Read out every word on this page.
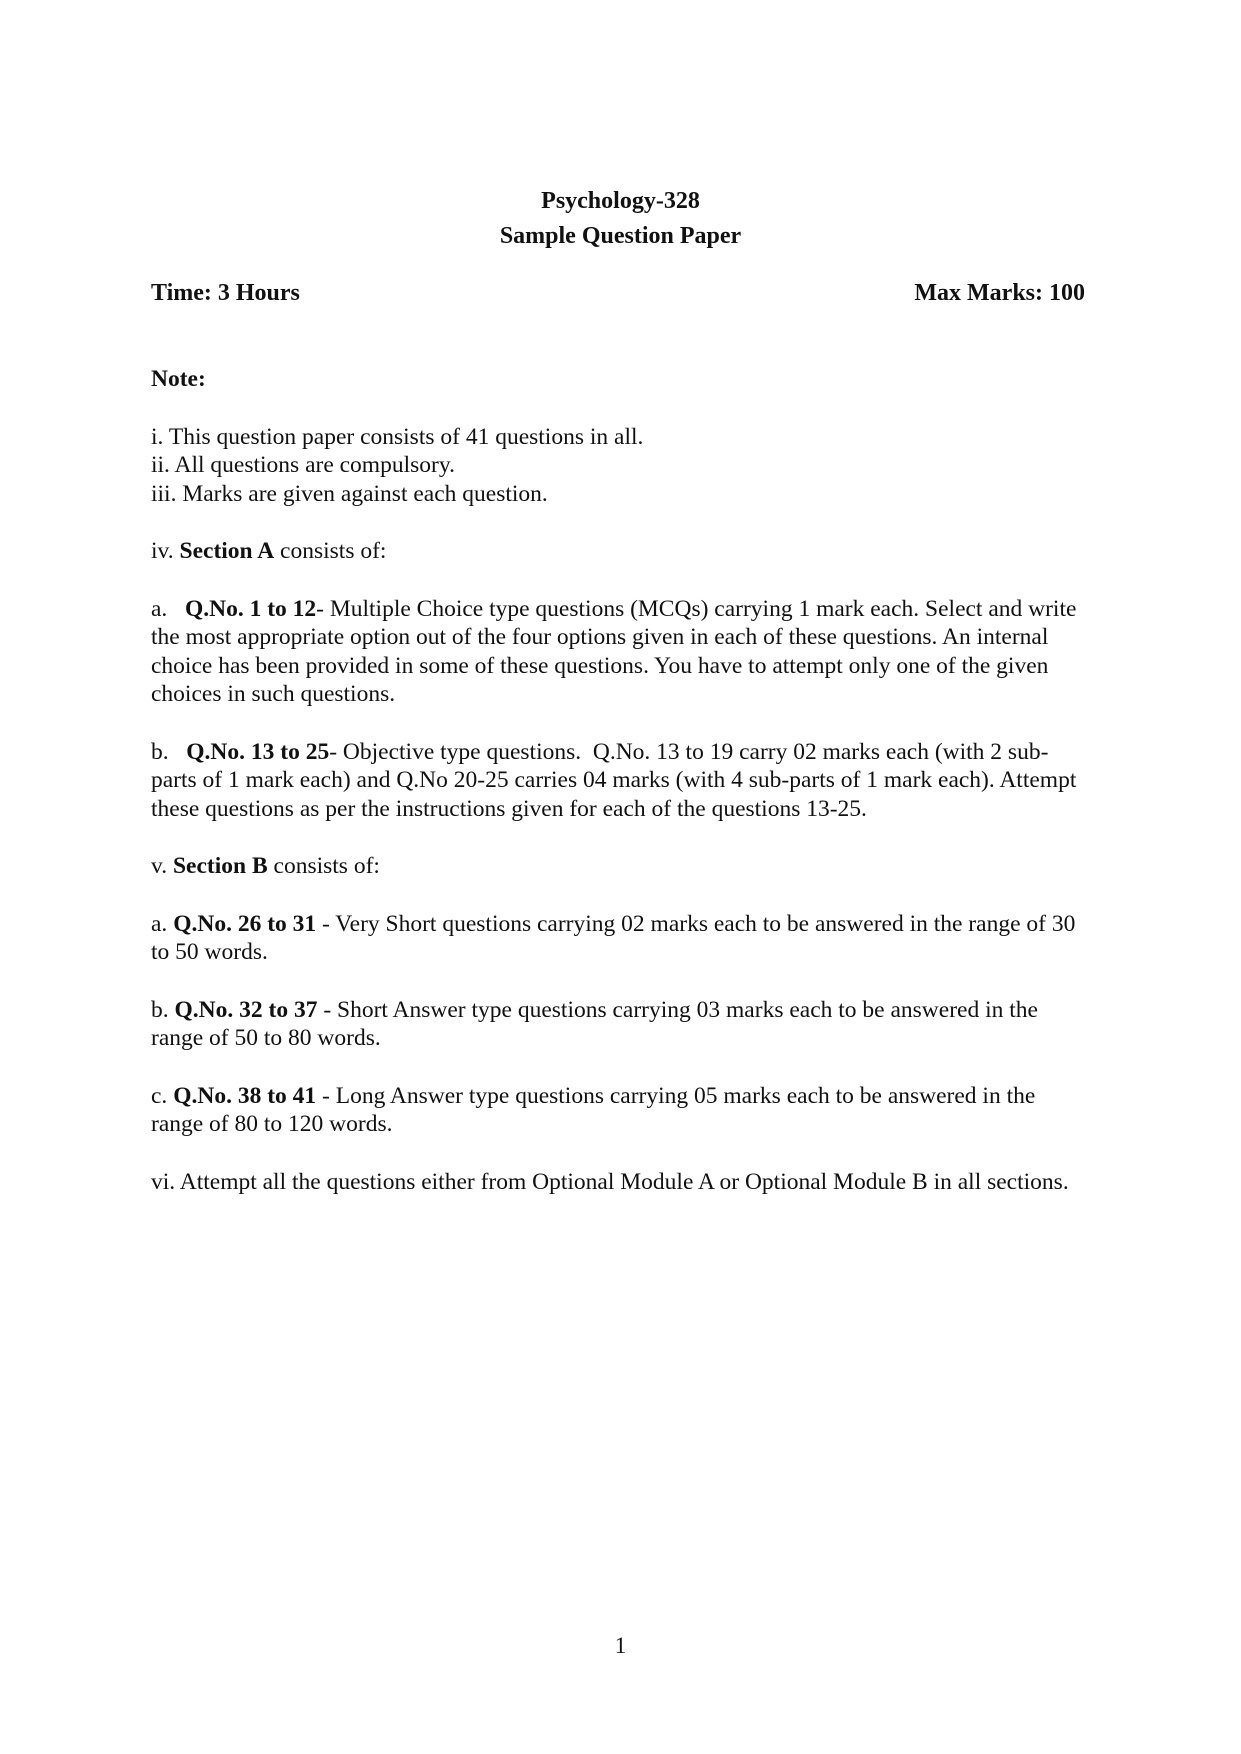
Psychology-328
Sample Question Paper
Time: 3 Hours	Max Marks: 100

Note:

i. This question paper consists of 41 questions in all.

ii. All questions are compulsory.

iii. Marks are given against each question.

iv. Section A consists of:

a.   Q.No. 1 to 12- Multiple Choice type questions (MCQs) carrying 1 mark each. Select and write the most appropriate option out of the four options given in each of these questions. An internal choice has been provided in some of these questions. You have to attempt only one of the given choices in such questions.

b.   Q.No. 13 to 25- Objective type questions.  Q.No. 13 to 19 carry 02 marks each (with 2 sub- parts of 1 mark each) and Q.No 20-25 carries 04 marks (with 4 sub-parts of 1 mark each). Attempt these questions as per the instructions given for each of the questions 13-25.

v. Section B consists of:

a. Q.No. 26 to 31 - Very Short questions carrying 02 marks each to be answered in the range of 30 to 50 words.

b. Q.No. 32 to 37 - Short Answer type questions carrying 03 marks each to be answered in the range of 50 to 80 words.

c. Q.No. 38 to 41 - Long Answer type questions carrying 05 marks each to be answered in the range of 80 to 120 words.

vi. Attempt all the questions either from Optional Module A or Optional Module B in all sections.

1
